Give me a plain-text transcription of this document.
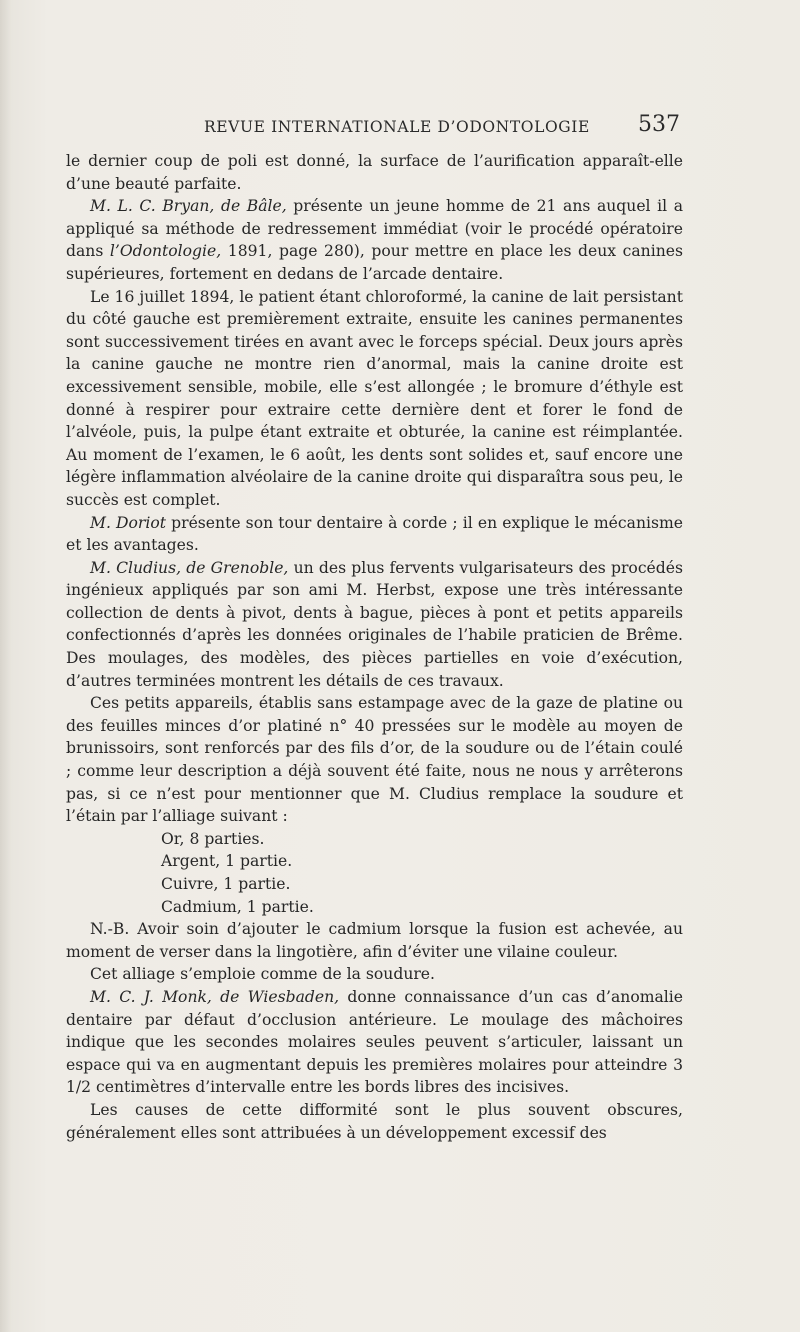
REVUE INTERNATIONALE D’ODONTOLOGIE 537

le dernier coup de poli est donné, la surface de l’aurification apparaît-elle d’une beauté parfaite.

M. L. C. Bryan, de Bâle, présente un jeune homme de 21 ans auquel il a appliqué sa méthode de redressement immédiat (voir le procédé opératoire dans l’Odontologie, 1891, page 280), pour mettre en place les deux canines supérieures, fortement en dedans de l’arcade dentaire.

Le 16 juillet 1894, le patient étant chloroformé, la canine de lait persistant du côté gauche est premièrement extraite, ensuite les canines permanentes sont successivement tirées en avant avec le forceps spécial. Deux jours après la canine gauche ne montre rien d’anormal, mais la canine droite est excessivement sensible, mobile, elle s’est allongée ; le bromure d’éthyle est donné à respirer pour extraire cette dernière dent et forer le fond de l’alvéole, puis, la pulpe étant extraite et obturée, la canine est réimplantée. Au moment de l’examen, le 6 août, les dents sont solides et, sauf encore une légère inflammation alvéolaire de la canine droite qui disparaîtra sous peu, le succès est complet.

M. Doriot présente son tour dentaire à corde ; il en explique le mécanisme et les avantages.

M. Cludius, de Grenoble, un des plus fervents vulgarisateurs des procédés ingénieux appliqués par son ami M. Herbst, expose une très intéressante collection de dents à pivot, dents à bague, pièces à pont et petits appareils confectionnés d’après les données originales de l’habile praticien de Brême. Des moulages, des modèles, des pièces partielles en voie d’exécution, d’autres terminées montrent les détails de ces travaux.

Ces petits appareils, établis sans estampage avec de la gaze de platine ou des feuilles minces d’or platiné n° 40 pressées sur le modèle au moyen de brunissoirs, sont renforcés par des fils d’or, de la soudure ou de l’étain coulé ; comme leur description a déjà souvent été faite, nous ne nous y arrêterons pas, si ce n’est pour mentionner que M. Cludius remplace la soudure et l’étain par l’alliage suivant :

Or, 8 parties.
Argent, 1 partie.
Cuivre, 1 partie.
Cadmium, 1 partie.

N.-B. Avoir soin d’ajouter le cadmium lorsque la fusion est achevée, au moment de verser dans la lingotière, afin d’éviter une vilaine couleur.

Cet alliage s’emploie comme de la soudure.

M. C. J. Monk, de Wiesbaden, donne connaissance d’un cas d’anomalie dentaire par défaut d’occlusion antérieure. Le moulage des mâchoires indique que les secondes molaires seules peuvent s’articuler, laissant un espace qui va en augmentant depuis les premières molaires pour atteindre 3 1/2 centimètres d’intervalle entre les bords libres des incisives.

Les causes de cette difformité sont le plus souvent obscures, généralement elles sont attribuées à un développement excessif des
